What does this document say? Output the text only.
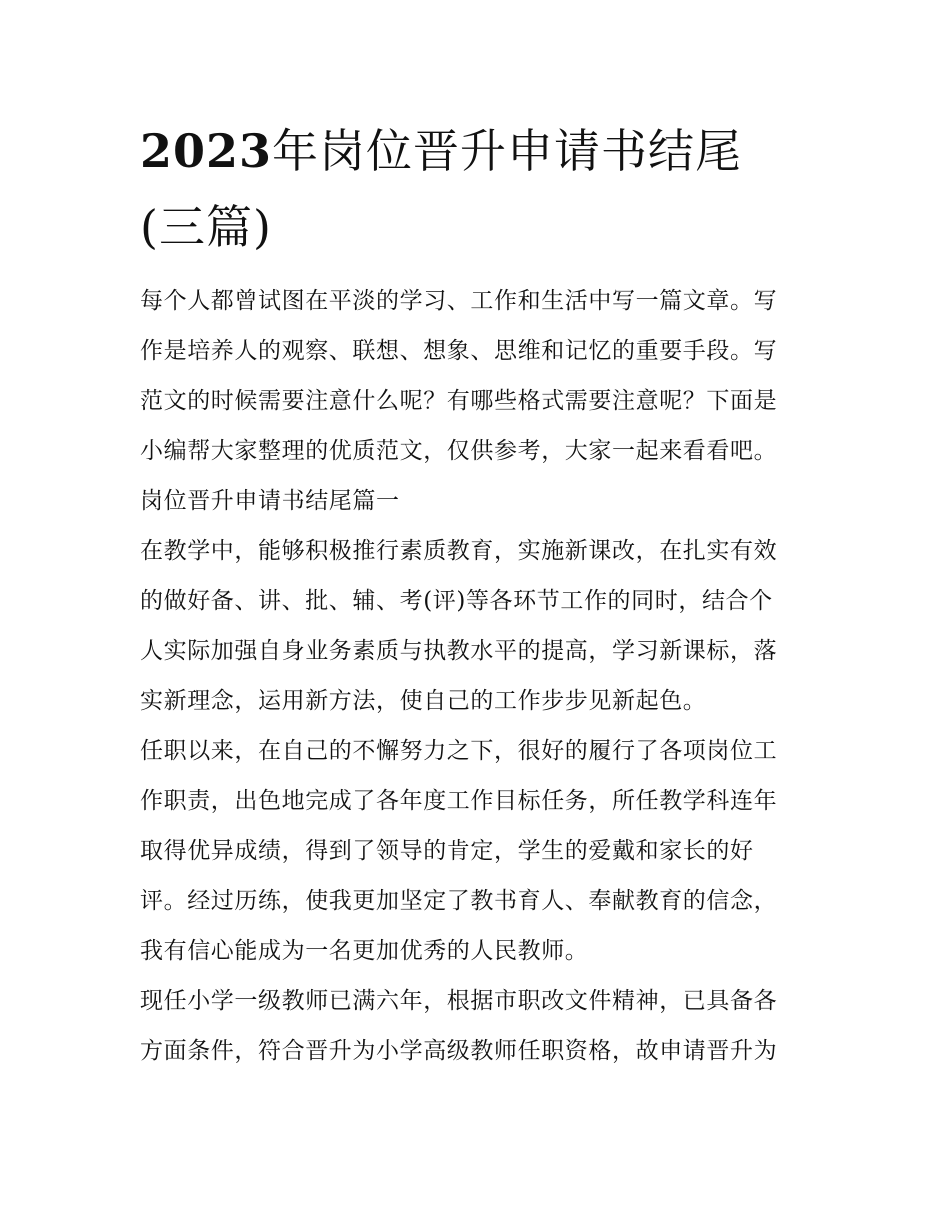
2023年岗位晋升申请书结尾
(三篇)
每个人都曾试图在平淡的学习、工作和生活中写一篇文章。写
作是培养人的观察、联想、想象、思维和记忆的重要手段。写
范文的时候需要注意什么呢？有哪些格式需要注意呢？下面是
小编帮大家整理的优质范文，仅供参考，大家一起来看看吧。
岗位晋升申请书结尾篇一
在教学中，能够积极推行素质教育，实施新课改，在扎实有效
的做好备、讲、批、辅、考(评)等各环节工作的同时，结合个
人实际加强自身业务素质与执教水平的提高，学习新课标，落
实新理念，运用新方法，使自己的工作步步见新起色。
任职以来，在自己的不懈努力之下，很好的履行了各项岗位工
作职责，出色地完成了各年度工作目标任务，所任教学科连年
取得优异成绩，得到了领导的肯定，学生的爱戴和家长的好
评。经过历练，使我更加坚定了教书育人、奉献教育的信念，
我有信心能成为一名更加优秀的人民教师。
现任小学一级教师已满六年，根据市职改文件精神，已具备各
方面条件，符合晋升为小学高级教师任职资格，故申请晋升为
